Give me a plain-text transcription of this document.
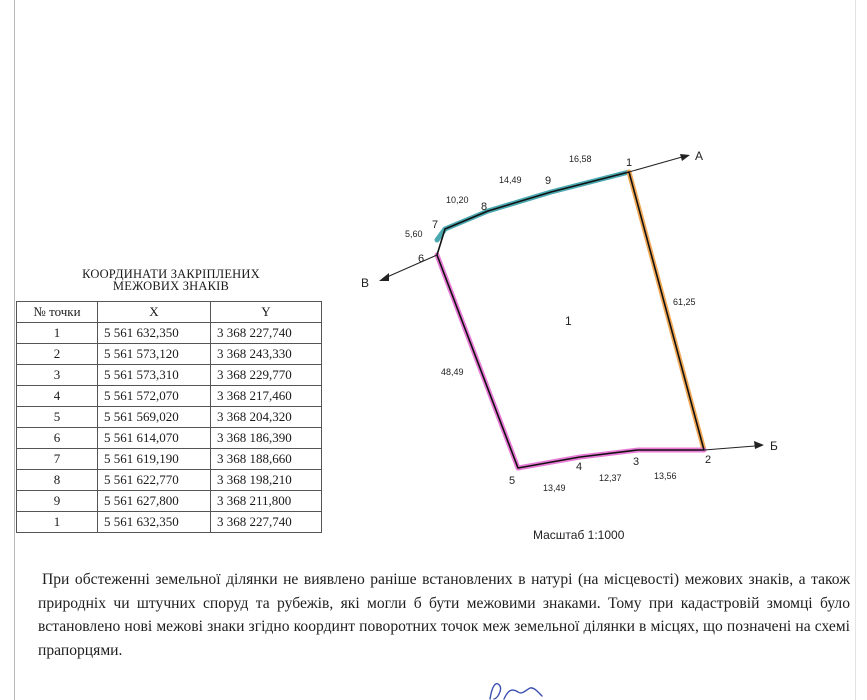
КООРДИНАТИ ЗАКРІПЛЕНИХ
МЕЖОВИХ ЗНАКІВ
№ точки	X	Y
1	5 561 632,350	3 368 227,740
2	5 561 573,120	3 368 243,330
3	5 561 573,310	3 368 229,770
4	5 561 572,070	3 368 217,460
5	5 561 569,020	3 368 204,320
6	5 561 614,070	3 368 186,390
7	5 561 619,190	3 368 188,660
8	5 561 622,770	3 368 198,210
9	5 561 627,800	3 368 211,800
1	5 561 632,350	3 368 227,740
А
Б
В
1
2
3
4
5
6
7
8
9
1
16,58
14,49
10,20
5,60
61,25
48,49
13,49
12,37	13,56
Масштаб 1:1000
При обстеженні земельної ділянки не виявлено раніше встановлених в натурі (на місцевості) межових знаків, а також природніх чи штучних споруд та рубежів, які могли б бути межовими знаками. Тому при кадастровій змомці було встановлено нові межові знаки згідно координт поворотних точок меж земельної ділянки в місцях, що позначені на схемі прапорцями.
